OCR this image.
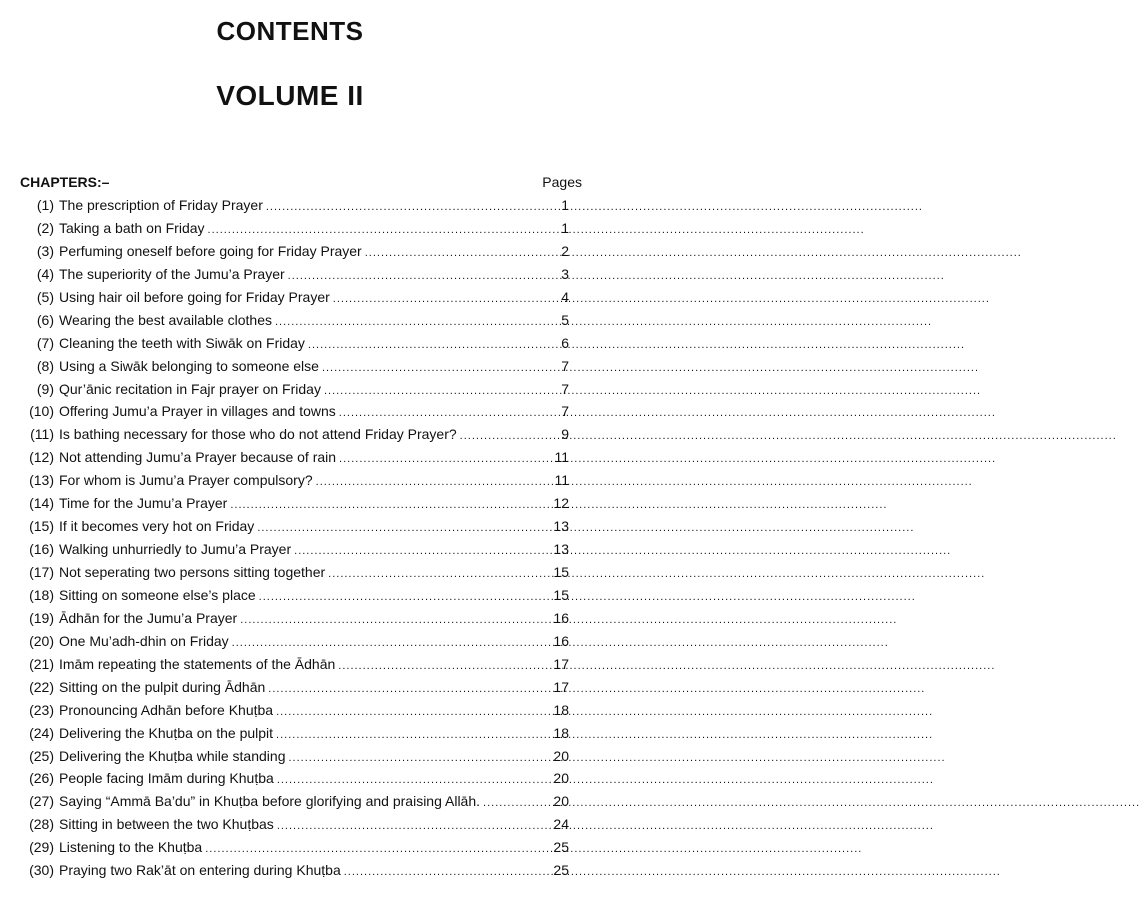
CONTENTS
VOLUME II
CHAPTERS:–	Pages
(1) The prescription of Friday Prayer .....	1
(2) Taking a bath on Friday .....	1
(3) Perfuming oneself before going for Friday Prayer .....	2
(4) The superiority of the Jumu’a Prayer .....	3
(5) Using hair oil before going for Friday Prayer .....	4
(6) Wearing the best available clothes .....	5
(7) Cleaning the teeth with Siwāk on Friday .....	6
(8) Using a Siwāk belonging to someone else .....	7
(9) Qur’ānic recitation in Fajr prayer on Friday .....	7
(10) Offering Jumu’a Prayer in villages and towns .....	7
(11) Is bathing necessary for those who do not attend Friday Prayer? .....	9
(12) Not attending Jumu’a Prayer because of rain .....	11
(13) For whom is Jumu’a Prayer compulsory? .....	11
(14) Time for the Jumu’a Prayer .....	12
(15) If it becomes very hot on Friday .....	13
(16) Walking unhurriedly to Jumu’a Prayer .....	13
(17) Not seperating two persons sitting together .....	15
(18) Sitting on someone else’s place .....	15
(19) Ādhān for the Jumu’a Prayer .....	16
(20) One Mu’adh-dhin on Friday .....	16
(21) Imām repeating the statements of the Ādhān .....	17
(22) Sitting on the pulpit during Ādhān .....	17
(23) Pronouncing Adhān before Khuṭba .....	18
(24) Delivering the Khuṭba on the pulpit .....	18
(25) Delivering the Khuṭba while standing .....	20
(26) People facing Imām during Khuṭba .....	20
(27) Saying “Ammā Ba’du” in Khuṭba before glorifying and praising Allāh. .....	20
(28) Sitting in between the two Khuṭbas .....	24
(29) Listening to the Khuṭba .....	25
(30) Praying two Rak’āt on entering during Khuṭba .....	25
